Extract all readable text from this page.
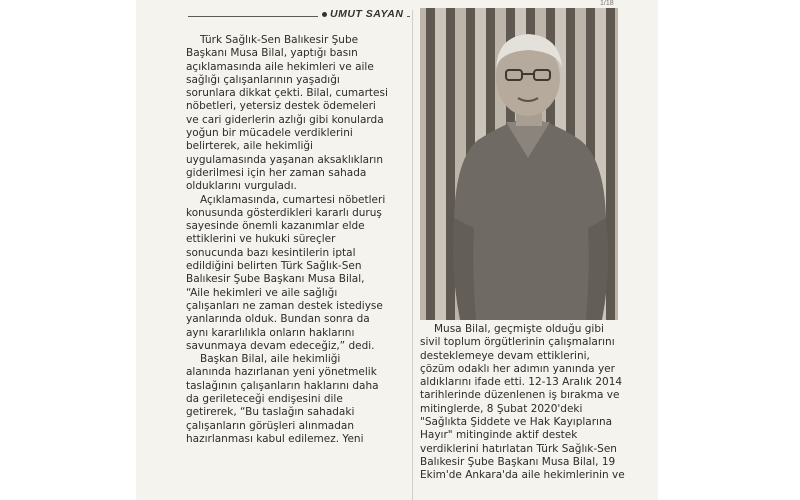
UMUT SAYAN
1/18
Türk Sağlık-Sen Balıkesir Şube
Başkanı Musa Bilal, yaptığı basın
açıklamasında aile hekimleri ve aile
sağlığı çalışanlarının yaşadığı
sorunlara dikkat çekti. Bilal, cumartesi
nöbetleri, yetersiz destek ödemeleri
ve cari giderlerin azlığı gibi konularda
yoğun bir mücadele verdiklerini
belirterek, aile hekimliği
uygulamasında yaşanan aksaklıkların
giderilmesi için her zaman sahada
olduklarını vurguladı.
Açıklamasında, cumartesi nöbetleri
konusunda gösterdikleri kararlı duruş
sayesinde önemli kazanımlar elde
ettiklerini ve hukuki süreçler
sonucunda bazı kesintilerin iptal
edildiğini belirten Türk Sağlık-Sen
Balıkesir Şube Başkanı Musa Bilal,
“Aile hekimleri ve aile sağlığı
çalışanları ne zaman destek istediyse
yanlarında olduk. Bundan sonra da
aynı kararlılıkla onların haklarını
savunmaya devam edeceğiz,” dedi.
Başkan Bilal, aile hekimliği
alanında hazırlanan yeni yönetmelik
taslağının çalışanların haklarını daha
da gerileteceği endişesini dile
getirerek, “Bu taslağın sahadaki
çalışanların görüşleri alınmadan
hazırlanması kabul edilemez. Yeni
Musa Bilal, geçmişte olduğu gibi
sivil toplum örgütlerinin çalışmalarını
desteklemeye devam ettiklerini,
çözüm odaklı her adımın yanında yer
aldıklarını ifade etti. 12-13 Aralık 2014
tarihlerinde düzenlenen iş bırakma ve
mitinglerde, 8 Şubat 2020'deki
"Sağlıkta Şiddete ve Hak Kayıplarına
Hayır" mitinginde aktif destek
verdiklerini hatırlatan Türk Sağlık-Sen
Balıkesir Şube Başkanı Musa Bilal, 19
Ekim'de Ankara'da aile hekimlerinin ve
